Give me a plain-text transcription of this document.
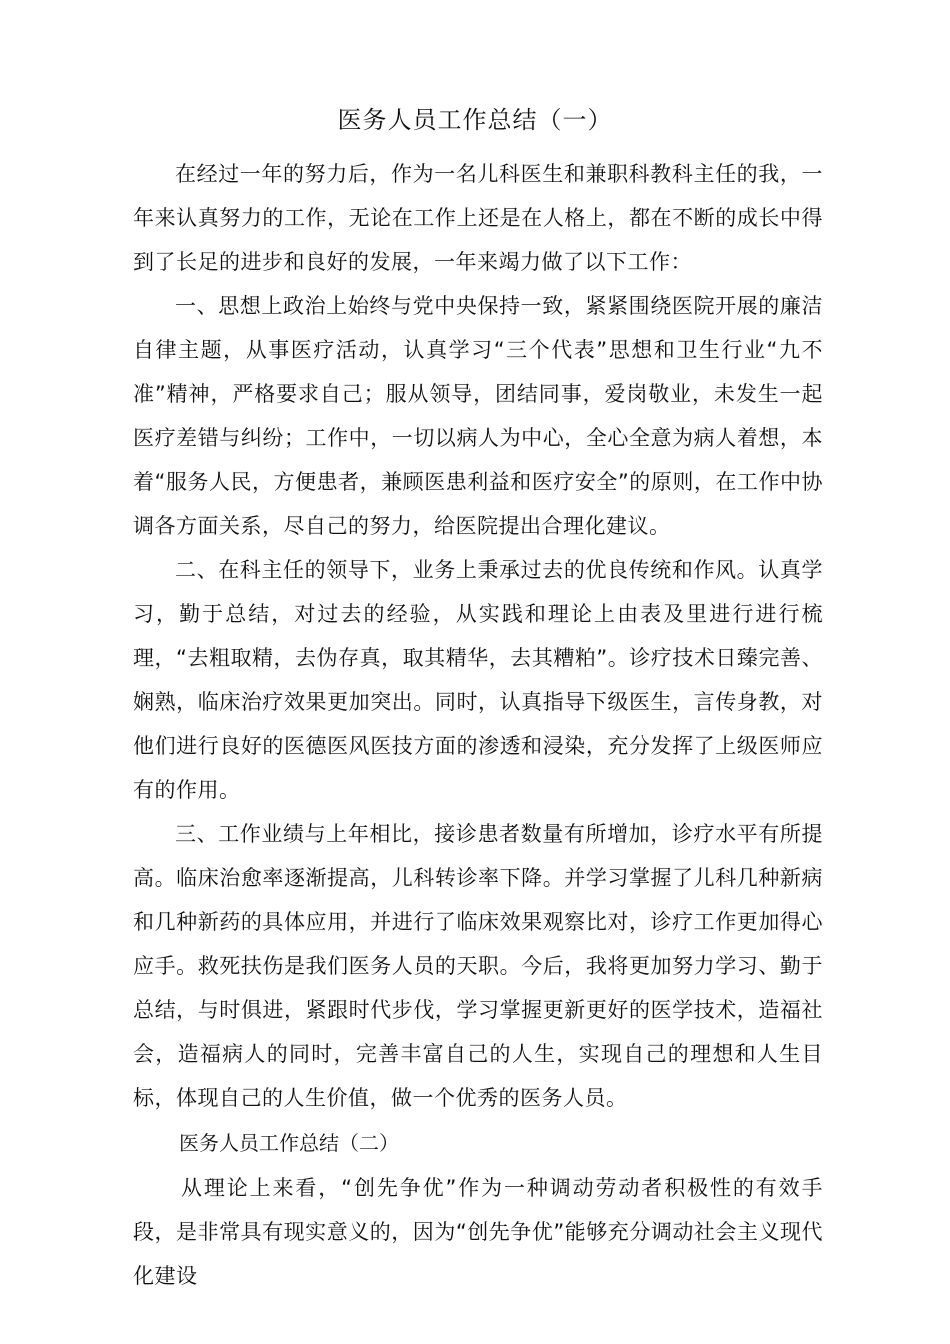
医务人员工作总结（一）

在经过一年的努力后，作为一名儿科医生和兼职科教科主任的我，一年来认真努力的工作，无论在工作上还是在人格上，都在不断的成长中得到了长足的进步和良好的发展，一年来竭力做了以下工作：

一、思想上政治上始终与党中央保持一致，紧紧围绕医院开展的廉洁自律主题，从事医疗活动，认真学习“三个代表”思想和卫生行业“九不准”精神，严格要求自己；服从领导，团结同事，爱岗敬业，未发生一起医疗差错与纠纷；工作中，一切以病人为中心，全心全意为病人着想，本着“服务人民，方便患者，兼顾医患利益和医疗安全”的原则，在工作中协调各方面关系，尽自己的努力，给医院提出合理化建议。

二、在科主任的领导下，业务上秉承过去的优良传统和作风。认真学习，勤于总结，对过去的经验，从实践和理论上由表及里进行进行梳理，“去粗取精，去伪存真，取其精华，去其糟粕”。诊疗技术日臻完善、娴熟，临床治疗效果更加突出。同时，认真指导下级医生，言传身教，对他们进行良好的医德医风医技方面的渗透和浸染，充分发挥了上级医师应有的作用。

三、工作业绩与上年相比，接诊患者数量有所增加，诊疗水平有所提高。临床治愈率逐渐提高，儿科转诊率下降。并学习掌握了儿科几种新病和几种新药的具体应用，并进行了临床效果观察比对，诊疗工作更加得心应手。救死扶伤是我们医务人员的天职。今后，我将更加努力学习、勤于总结，与时俱进，紧跟时代步伐，学习掌握更新更好的医学技术，造福社会，造福病人的同时，完善丰富自己的人生，实现自己的理想和人生目标，体现自己的人生价值，做一个优秀的医务人员。

医务人员工作总结（二）

从理论上来看，“创先争优”作为一种调动劳动者积极性的有效手段，是非常具有现实意义的，因为“创先争优”能够充分调动社会主义现代化建设
